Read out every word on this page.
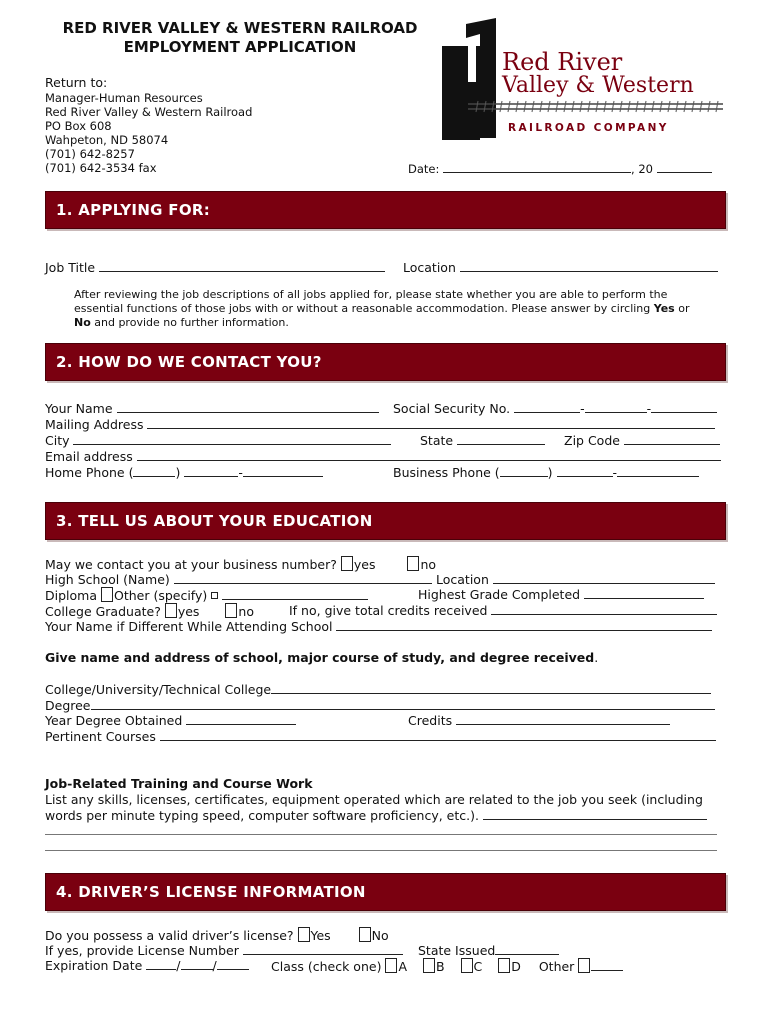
RED RIVER VALLEY & WESTERN RAILROAD
EMPLOYMENT APPLICATION
Return to:
Manager-Human Resources
Red River Valley & Western Railroad
PO Box 608
Wahpeton, ND 58074
(701) 642-8257
(701) 642-3534 fax	Date:	, 20
Red River
Valley & Western
RAILROAD COMPANY
1. APPLYING FOR:
Job Title	Location
After reviewing the job descriptions of all jobs applied for, please state whether you are able to perform the essential functions of those jobs with or without a reasonable accommodation. Please answer by circling Yes or No and provide no further information.
2. HOW DO WE CONTACT YOU?
Your Name	Social Security No.	-	-
Mailing Address
City	State	Zip Code
Email address
Home Phone (	)	-	Business Phone (	)	-
3. TELL US ABOUT YOUR EDUCATION
May we contact you at your business number? yes	no
High School (Name)	Location
Diploma Other (specify)	Highest Grade Completed
College Graduate? yes	no	If no, give total credits received
Your Name if Different While Attending School
Give name and address of school, major course of study, and degree received.
College/University/Technical College
Degree
Year Degree Obtained	Credits
Pertinent Courses
Job-Related Training and Course Work
List any skills, licenses, certificates, equipment operated which are related to the job you seek (including
words per minute typing speed, computer software proficiency, etc.).
4. DRIVER’S LICENSE INFORMATION
Do you possess a valid driver’s license? Yes	No
If yes, provide License Number	State Issued
Expiration Date	/	/	Class (check one) A B C D Other
